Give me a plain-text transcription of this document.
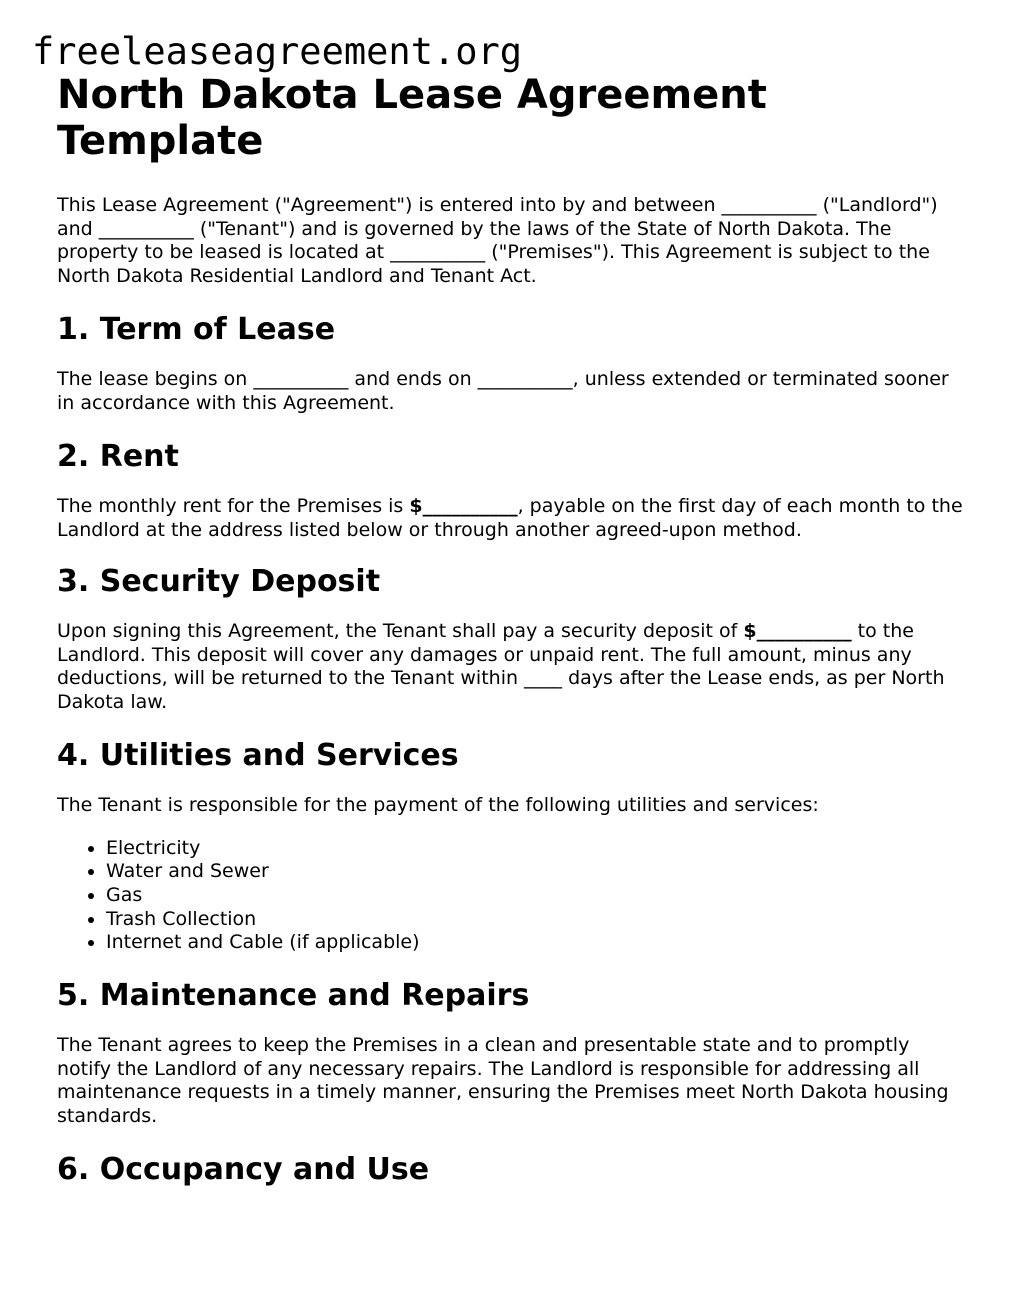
freeleaseagreement.org
North Dakota Lease Agreement Template

This Lease Agreement ("Agreement") is entered into by and between __________ ("Landlord") and __________ ("Tenant") and is governed by the laws of the State of North Dakota. The property to be leased is located at __________ ("Premises"). This Agreement is subject to the North Dakota Residential Landlord and Tenant Act.

1. Term of Lease

The lease begins on __________ and ends on __________, unless extended or terminated sooner in accordance with this Agreement.

2. Rent

The monthly rent for the Premises is $__________, payable on the first day of each month to the Landlord at the address listed below or through another agreed-upon method.

3. Security Deposit

Upon signing this Agreement, the Tenant shall pay a security deposit of $__________ to the Landlord. This deposit will cover any damages or unpaid rent. The full amount, minus any deductions, will be returned to the Tenant within ____ days after the Lease ends, as per North Dakota law.

4. Utilities and Services

The Tenant is responsible for the payment of the following utilities and services:

• Electricity
• Water and Sewer
• Gas
• Trash Collection
• Internet and Cable (if applicable)
5. Maintenance and Repairs

The Tenant agrees to keep the Premises in a clean and presentable state and to promptly notify the Landlord of any necessary repairs. The Landlord is responsible for addressing all maintenance requests in a timely manner, ensuring the Premises meet North Dakota housing standards.

6. Occupancy and Use
